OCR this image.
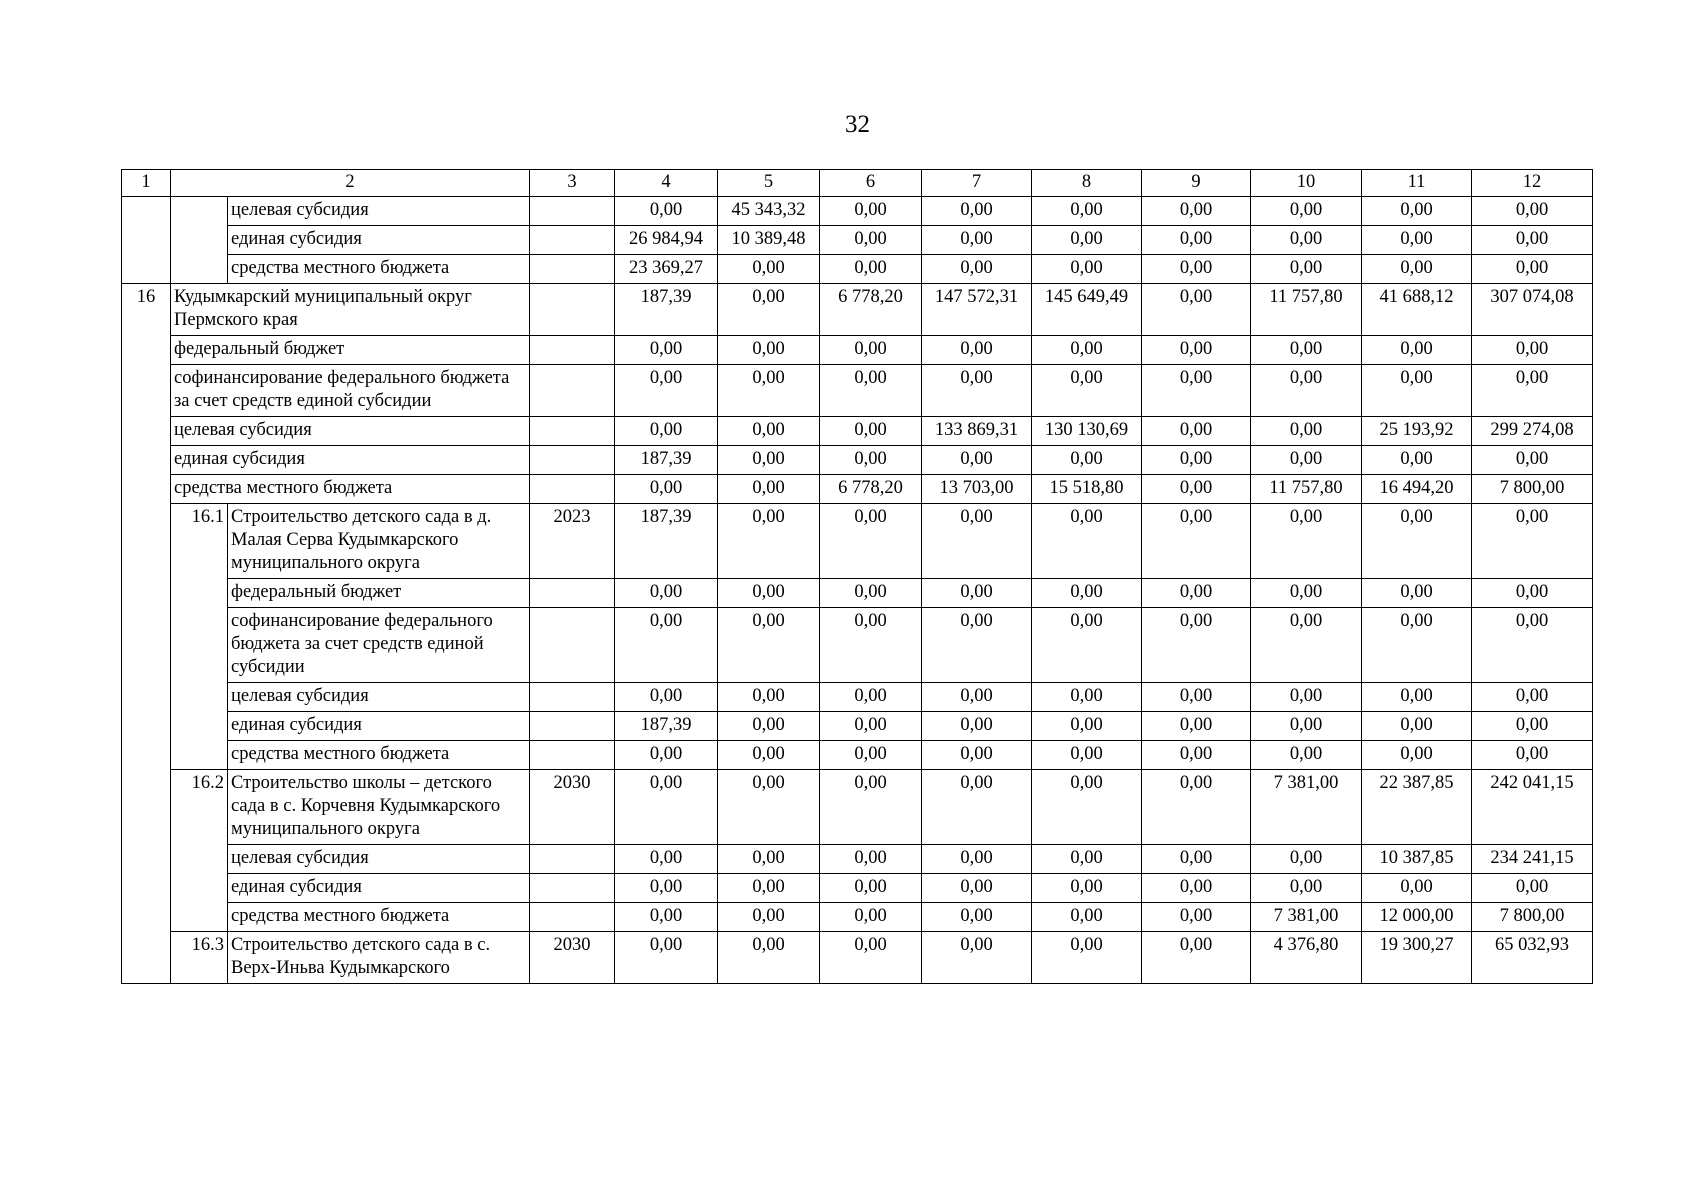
32
1	2		3	4	5	6	7	8	9	10	11	12
		целевая субсидия		0,00	45 343,32	0,00	0,00	0,00	0,00	0,00	0,00	0,00
		единая субсидия		26 984,94	10 389,48	0,00	0,00	0,00	0,00	0,00	0,00	0,00
		средства местного бюджета		23 369,27	0,00	0,00	0,00	0,00	0,00	0,00	0,00	0,00
16	Кудымкарский муниципальный округ Пермского края			187,39	0,00	6 778,20	147 572,31	145 649,49	0,00	11 757,80	41 688,12	307 074,08
	федеральный бюджет			0,00	0,00	0,00	0,00	0,00	0,00	0,00	0,00	0,00
	софинансирование федерального бюджета за счет средств единой субсидии			0,00	0,00	0,00	0,00	0,00	0,00	0,00	0,00	0,00
	целевая субсидия			0,00	0,00	0,00	133 869,31	130 130,69	0,00	0,00	25 193,92	299 274,08
	единая субсидия			187,39	0,00	0,00	0,00	0,00	0,00	0,00	0,00	0,00
	средства местного бюджета			0,00	0,00	6 778,20	13 703,00	15 518,80	0,00	11 757,80	16 494,20	7 800,00
	16.1	Строительство детского сада в д. Малая Серва Кудымкарского муниципального округа	2023	187,39	0,00	0,00	0,00	0,00	0,00	0,00	0,00	0,00
		федеральный бюджет		0,00	0,00	0,00	0,00	0,00	0,00	0,00	0,00	0,00
		софинансирование федерального бюджета за счет средств единой субсидии		0,00	0,00	0,00	0,00	0,00	0,00	0,00	0,00	0,00
		целевая субсидия		0,00	0,00	0,00	0,00	0,00	0,00	0,00	0,00	0,00
		единая субсидия		187,39	0,00	0,00	0,00	0,00	0,00	0,00	0,00	0,00
		средства местного бюджета		0,00	0,00	0,00	0,00	0,00	0,00	0,00	0,00	0,00
	16.2	Строительство школы – детского сада в с. Корчевня Кудымкарского муниципального округа	2030	0,00	0,00	0,00	0,00	0,00	0,00	7 381,00	22 387,85	242 041,15
		целевая субсидия		0,00	0,00	0,00	0,00	0,00	0,00	0,00	10 387,85	234 241,15
		единая субсидия		0,00	0,00	0,00	0,00	0,00	0,00	0,00	0,00	0,00
		средства местного бюджета		0,00	0,00	0,00	0,00	0,00	0,00	7 381,00	12 000,00	7 800,00
	16.3	Строительство детского сада в с. Верх-Иньва Кудымкарского	2030	0,00	0,00	0,00	0,00	0,00	0,00	4 376,80	19 300,27	65 032,93
